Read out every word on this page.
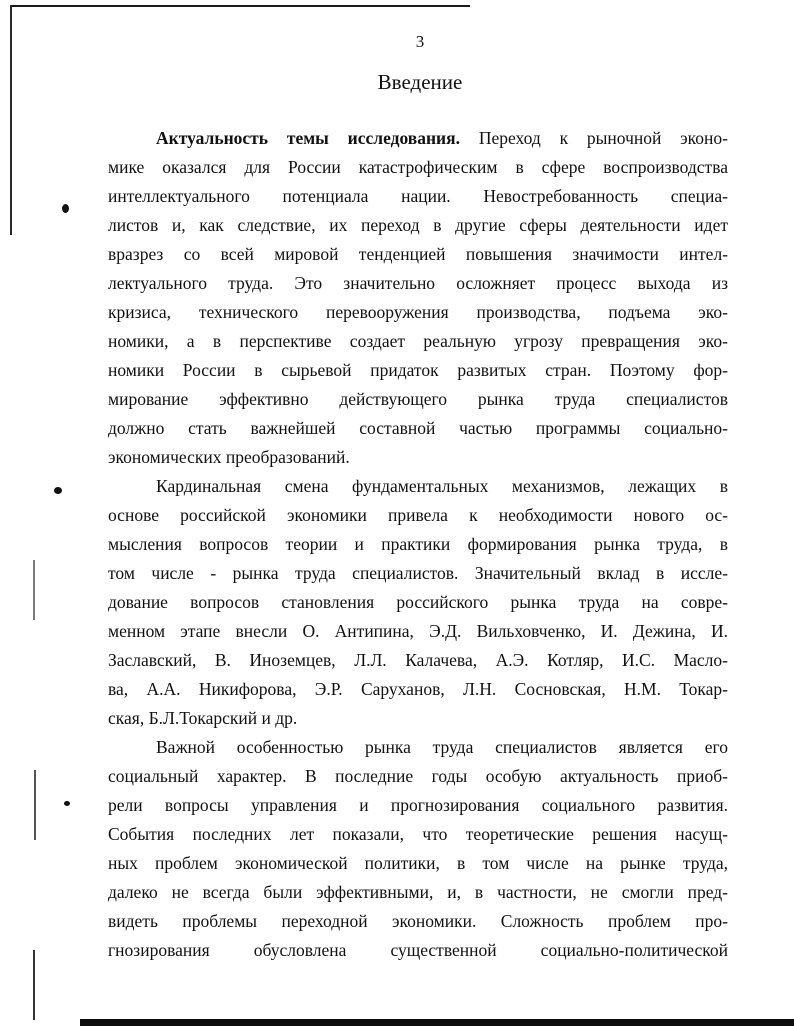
3
Введение
Актуальность темы исследования. Переход к рыночной эконо-
мике оказался для России катастрофическим в сфере воспроизводства
интеллектуального потенциала нации. Невостребованность специа-
листов и, как следствие, их переход в другие сферы деятельности идет
вразрез со всей мировой тенденцией повышения значимости интел-
лектуального труда. Это значительно осложняет процесс выхода из
кризиса, технического перевооружения производства, подъема эко-
номики, а в перспективе создает реальную угрозу превращения эко-
номики России в сырьевой придаток развитых стран. Поэтому фор-
мирование эффективно действующего рынка труда специалистов
должно стать важнейшей составной частью программы социально-
экономических преобразований.
Кардинальная смена фундаментальных механизмов, лежащих в
основе российской экономики привела к необходимости нового ос-
мысления вопросов теории и практики формирования рынка труда, в
том числе - рынка труда специалистов. Значительный вклад в иссле-
дование вопросов становления российского рынка труда на совре-
менном этапе внесли О. Антипина, Э.Д. Вильховченко, И. Дежина, И.
Заславский, В. Иноземцев, Л.Л. Калачева, А.Э. Котляр, И.С. Масло-
ва, А.А. Никифорова, Э.Р. Саруханов, Л.Н. Сосновская, Н.М. Токар-
ская, Б.Л.Токарский и др.
Важной особенностью рынка труда специалистов является его
социальный характер. В последние годы особую актуальность приоб-
рели вопросы управления и прогнозирования социального развития.
События последних лет показали, что теоретические решения насущ-
ных проблем экономической политики, в том числе на рынке труда,
далеко не всегда были эффективными, и, в частности, не смогли пред-
видеть проблемы переходной экономики. Сложность проблем про-
гнозирования обусловлена существенной социально-политической
